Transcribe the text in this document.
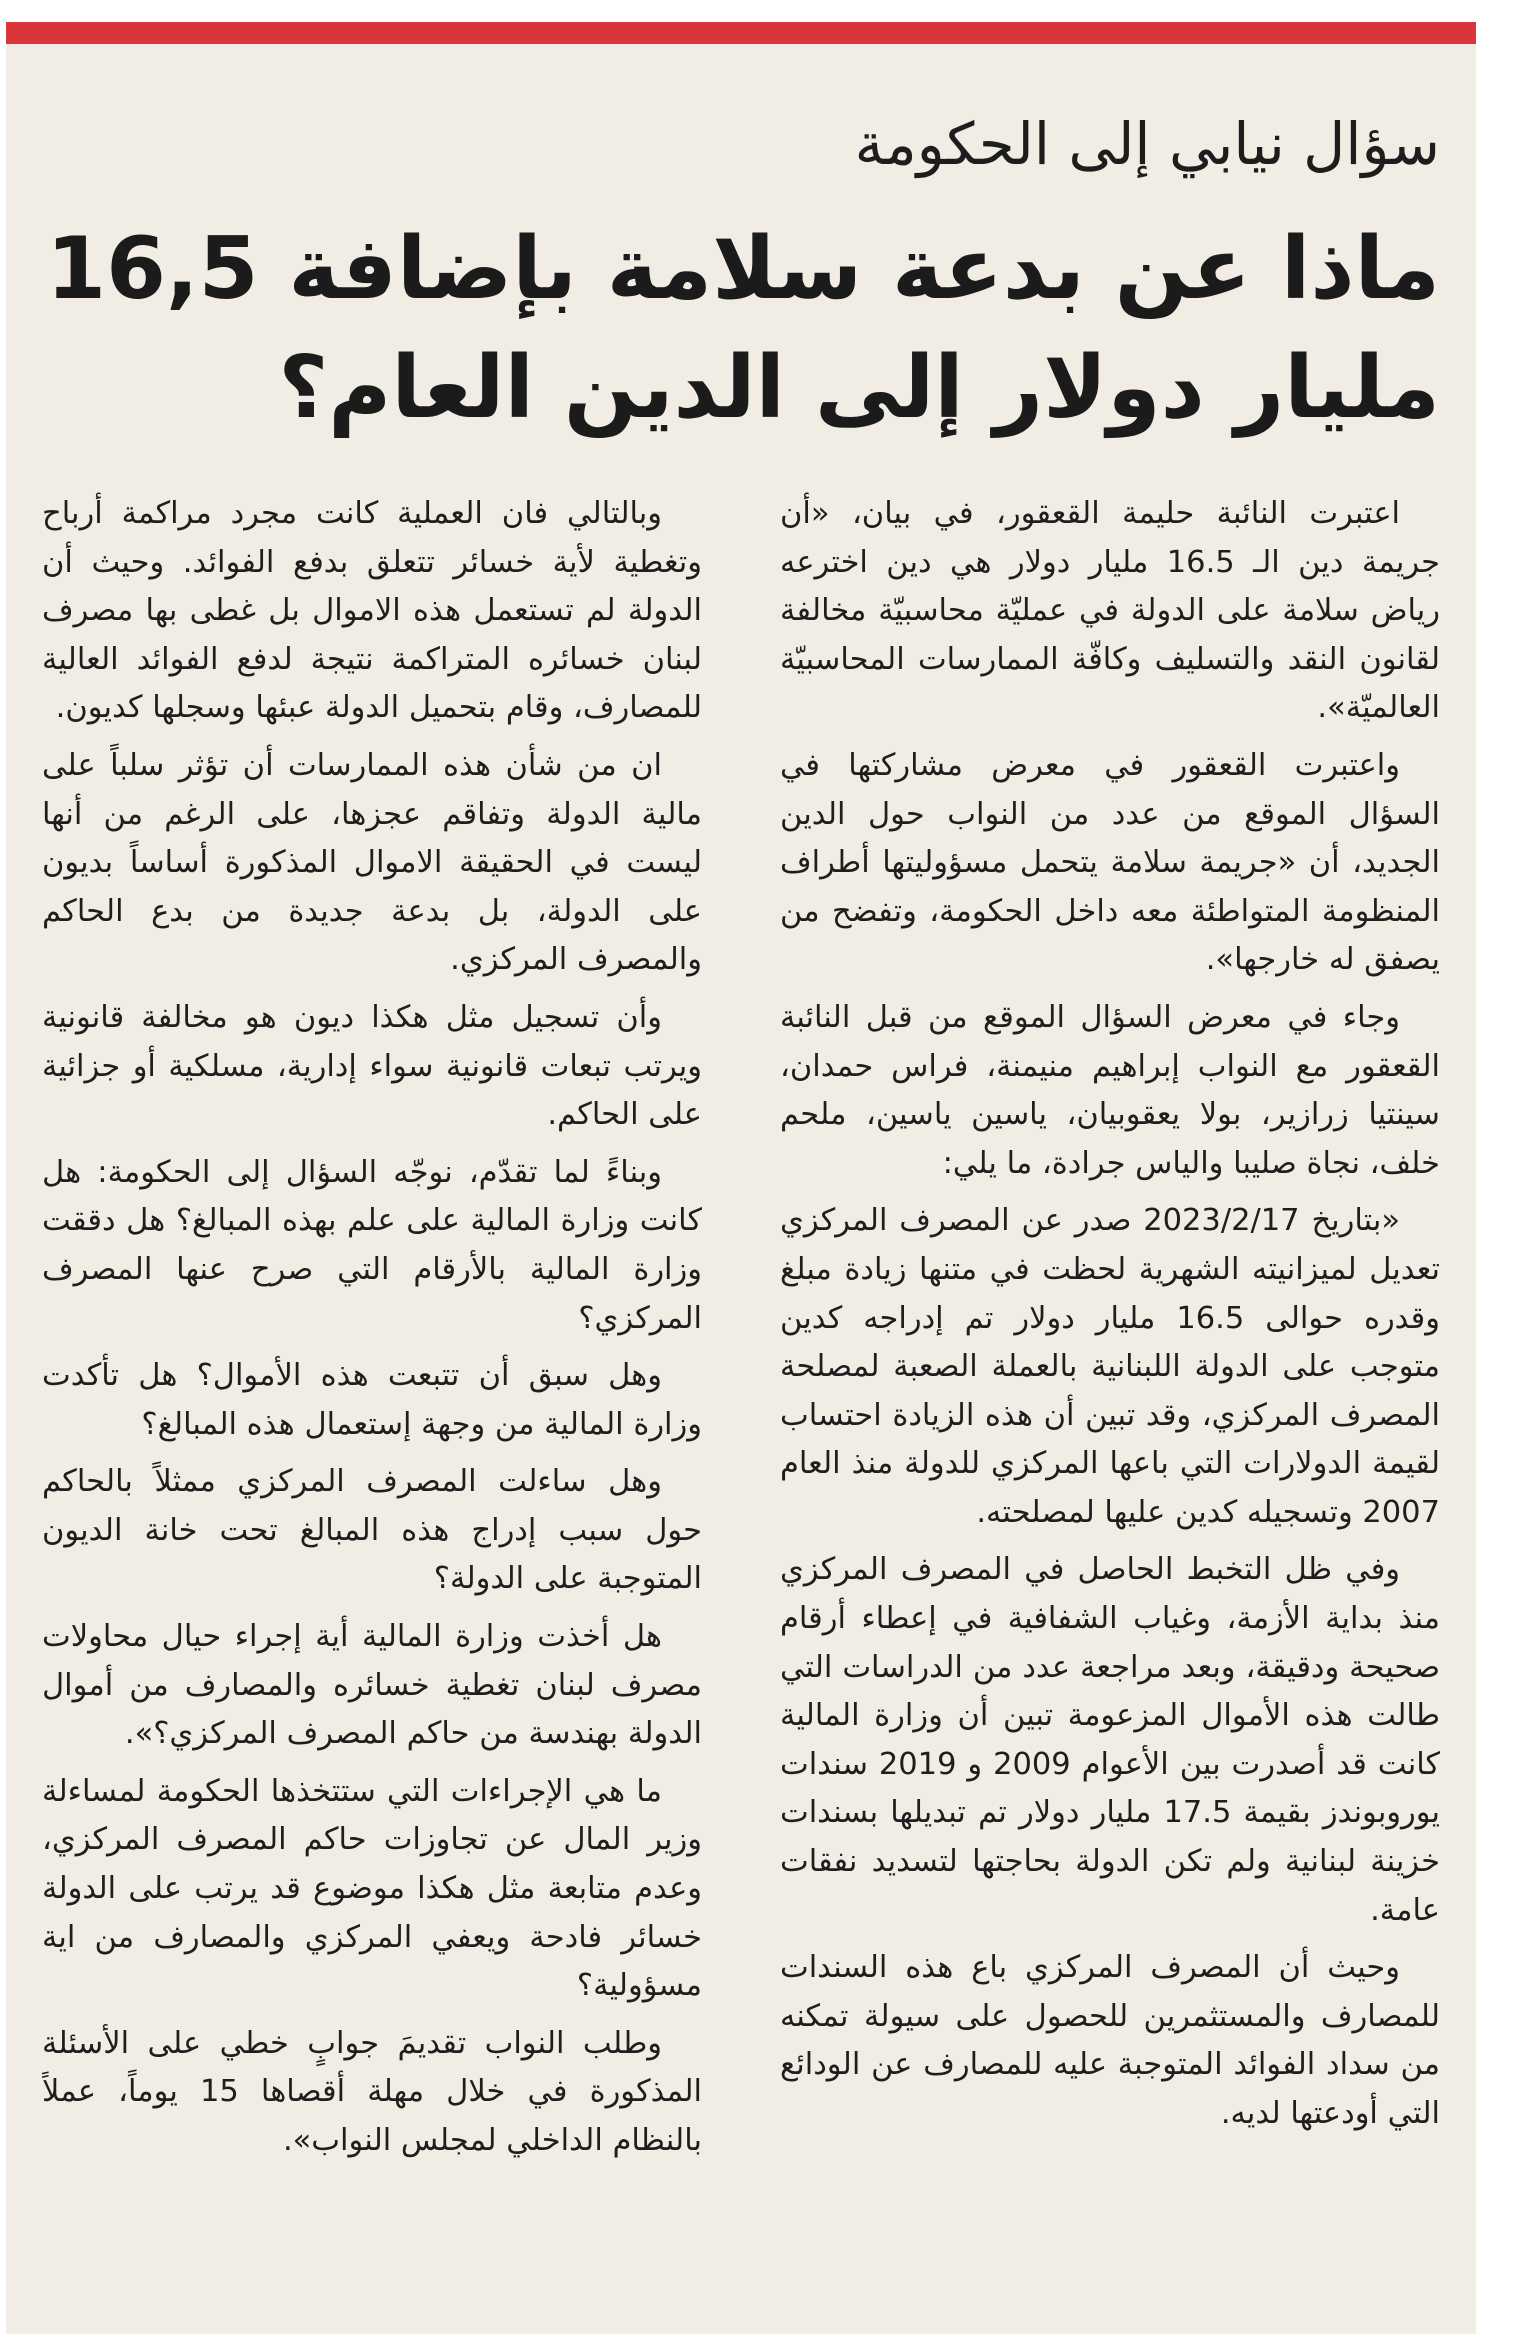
سؤال نيابي إلى الحكومة
ماذا عن بدعة سلامة بإضافة 16,5 مليار دولار إلى الدين العام؟

اعتبرت النائبة حليمة القعقور، في بيان، «أن جريمة دين الـ 16.5 مليار دولار هي دين اخترعه رياض سلامة على الدولة في عمليّة محاسبيّة مخالفة لقانون النقد والتسليف وكافّة الممارسات المحاسبيّة العالميّة».

واعتبرت القعقور في معرض مشاركتها في السؤال الموقع من عدد من النواب حول الدين الجديد، أن «جريمة سلامة يتحمل مسؤوليتها أطراف المنظومة المتواطئة معه داخل الحكومة، وتفضح من يصفق له خارجها».

وجاء في معرض السؤال الموقع من قبل النائبة القعقور مع النواب إبراهيم منيمنة، فراس حمدان، سينتيا زرازير، بولا يعقوبيان، ياسين ياسين، ملحم خلف، نجاة صليبا والياس جرادة، ما يلي:

«بتاريخ 2023/2/17 صدر عن المصرف المركزي تعديل لميزانيته الشهرية لحظت في متنها زيادة مبلغ وقدره حوالى 16.5 مليار دولار تم إدراجه كدين متوجب على الدولة اللبنانية بالعملة الصعبة لمصلحة المصرف المركزي، وقد تبين أن هذه الزيادة احتساب لقيمة الدولارات التي باعها المركزي للدولة منذ العام 2007 وتسجيله كدين عليها لمصلحته.

وفي ظل التخبط الحاصل في المصرف المركزي منذ بداية الأزمة، وغياب الشفافية في إعطاء أرقام صحيحة ودقيقة، وبعد مراجعة عدد من الدراسات التي طالت هذه الأموال المزعومة تبين أن وزارة المالية كانت قد أصدرت بين الأعوام 2009 و 2019 سندات يوروبوندز بقيمة 17.5 مليار دولار تم تبديلها بسندات خزينة لبنانية ولم تكن الدولة بحاجتها لتسديد نفقات عامة.

وحيث أن المصرف المركزي باع هذه السندات للمصارف والمستثمرين للحصول على سيولة تمكنه من سداد الفوائد المتوجبة عليه للمصارف عن الودائع التي أودعتها لديه.

وبالتالي فان العملية كانت مجرد مراكمة أرباح وتغطية لأية خسائر تتعلق بدفع الفوائد. وحيث أن الدولة لم تستعمل هذه الاموال بل غطى بها مصرف لبنان خسائره المتراكمة نتيجة لدفع الفوائد العالية للمصارف، وقام بتحميل الدولة عبئها وسجلها كديون.

ان من شأن هذه الممارسات أن تؤثر سلباً على مالية الدولة وتفاقم عجزها، على الرغم من أنها ليست في الحقيقة الاموال المذكورة أساساً بديون على الدولة، بل بدعة جديدة من بدع الحاكم والمصرف المركزي.

وأن تسجيل مثل هكذا ديون هو مخالفة قانونية ويرتب تبعات قانونية سواء إدارية، مسلكية أو جزائية على الحاكم.

وبناءً لما تقدّم، نوجّه السؤال إلى الحكومة: هل كانت وزارة المالية على علم بهذه المبالغ؟ هل دققت وزارة المالية بالأرقام التي صرح عنها المصرف المركزي؟

وهل سبق أن تتبعت هذه الأموال؟ هل تأكدت وزارة المالية من وجهة إستعمال هذه المبالغ؟

وهل ساءلت المصرف المركزي ممثلاً بالحاكم حول سبب إدراج هذه المبالغ تحت خانة الديون المتوجبة على الدولة؟

هل أخذت وزارة المالية أية إجراء حيال محاولات مصرف لبنان تغطية خسائره والمصارف من أموال الدولة بهندسة من حاكم المصرف المركزي؟».

ما هي الإجراءات التي ستتخذها الحكومة لمساءلة وزير المال عن تجاوزات حاكم المصرف المركزي، وعدم متابعة مثل هكذا موضوع قد يرتب على الدولة خسائر فادحة ويعفي المركزي والمصارف من اية مسؤولية؟

وطلب النواب تقديمَ جوابٍ خطي على الأسئلة المذكورة في خلال مهلة أقصاها 15 يوماً، عملاً بالنظام الداخلي لمجلس النواب».
